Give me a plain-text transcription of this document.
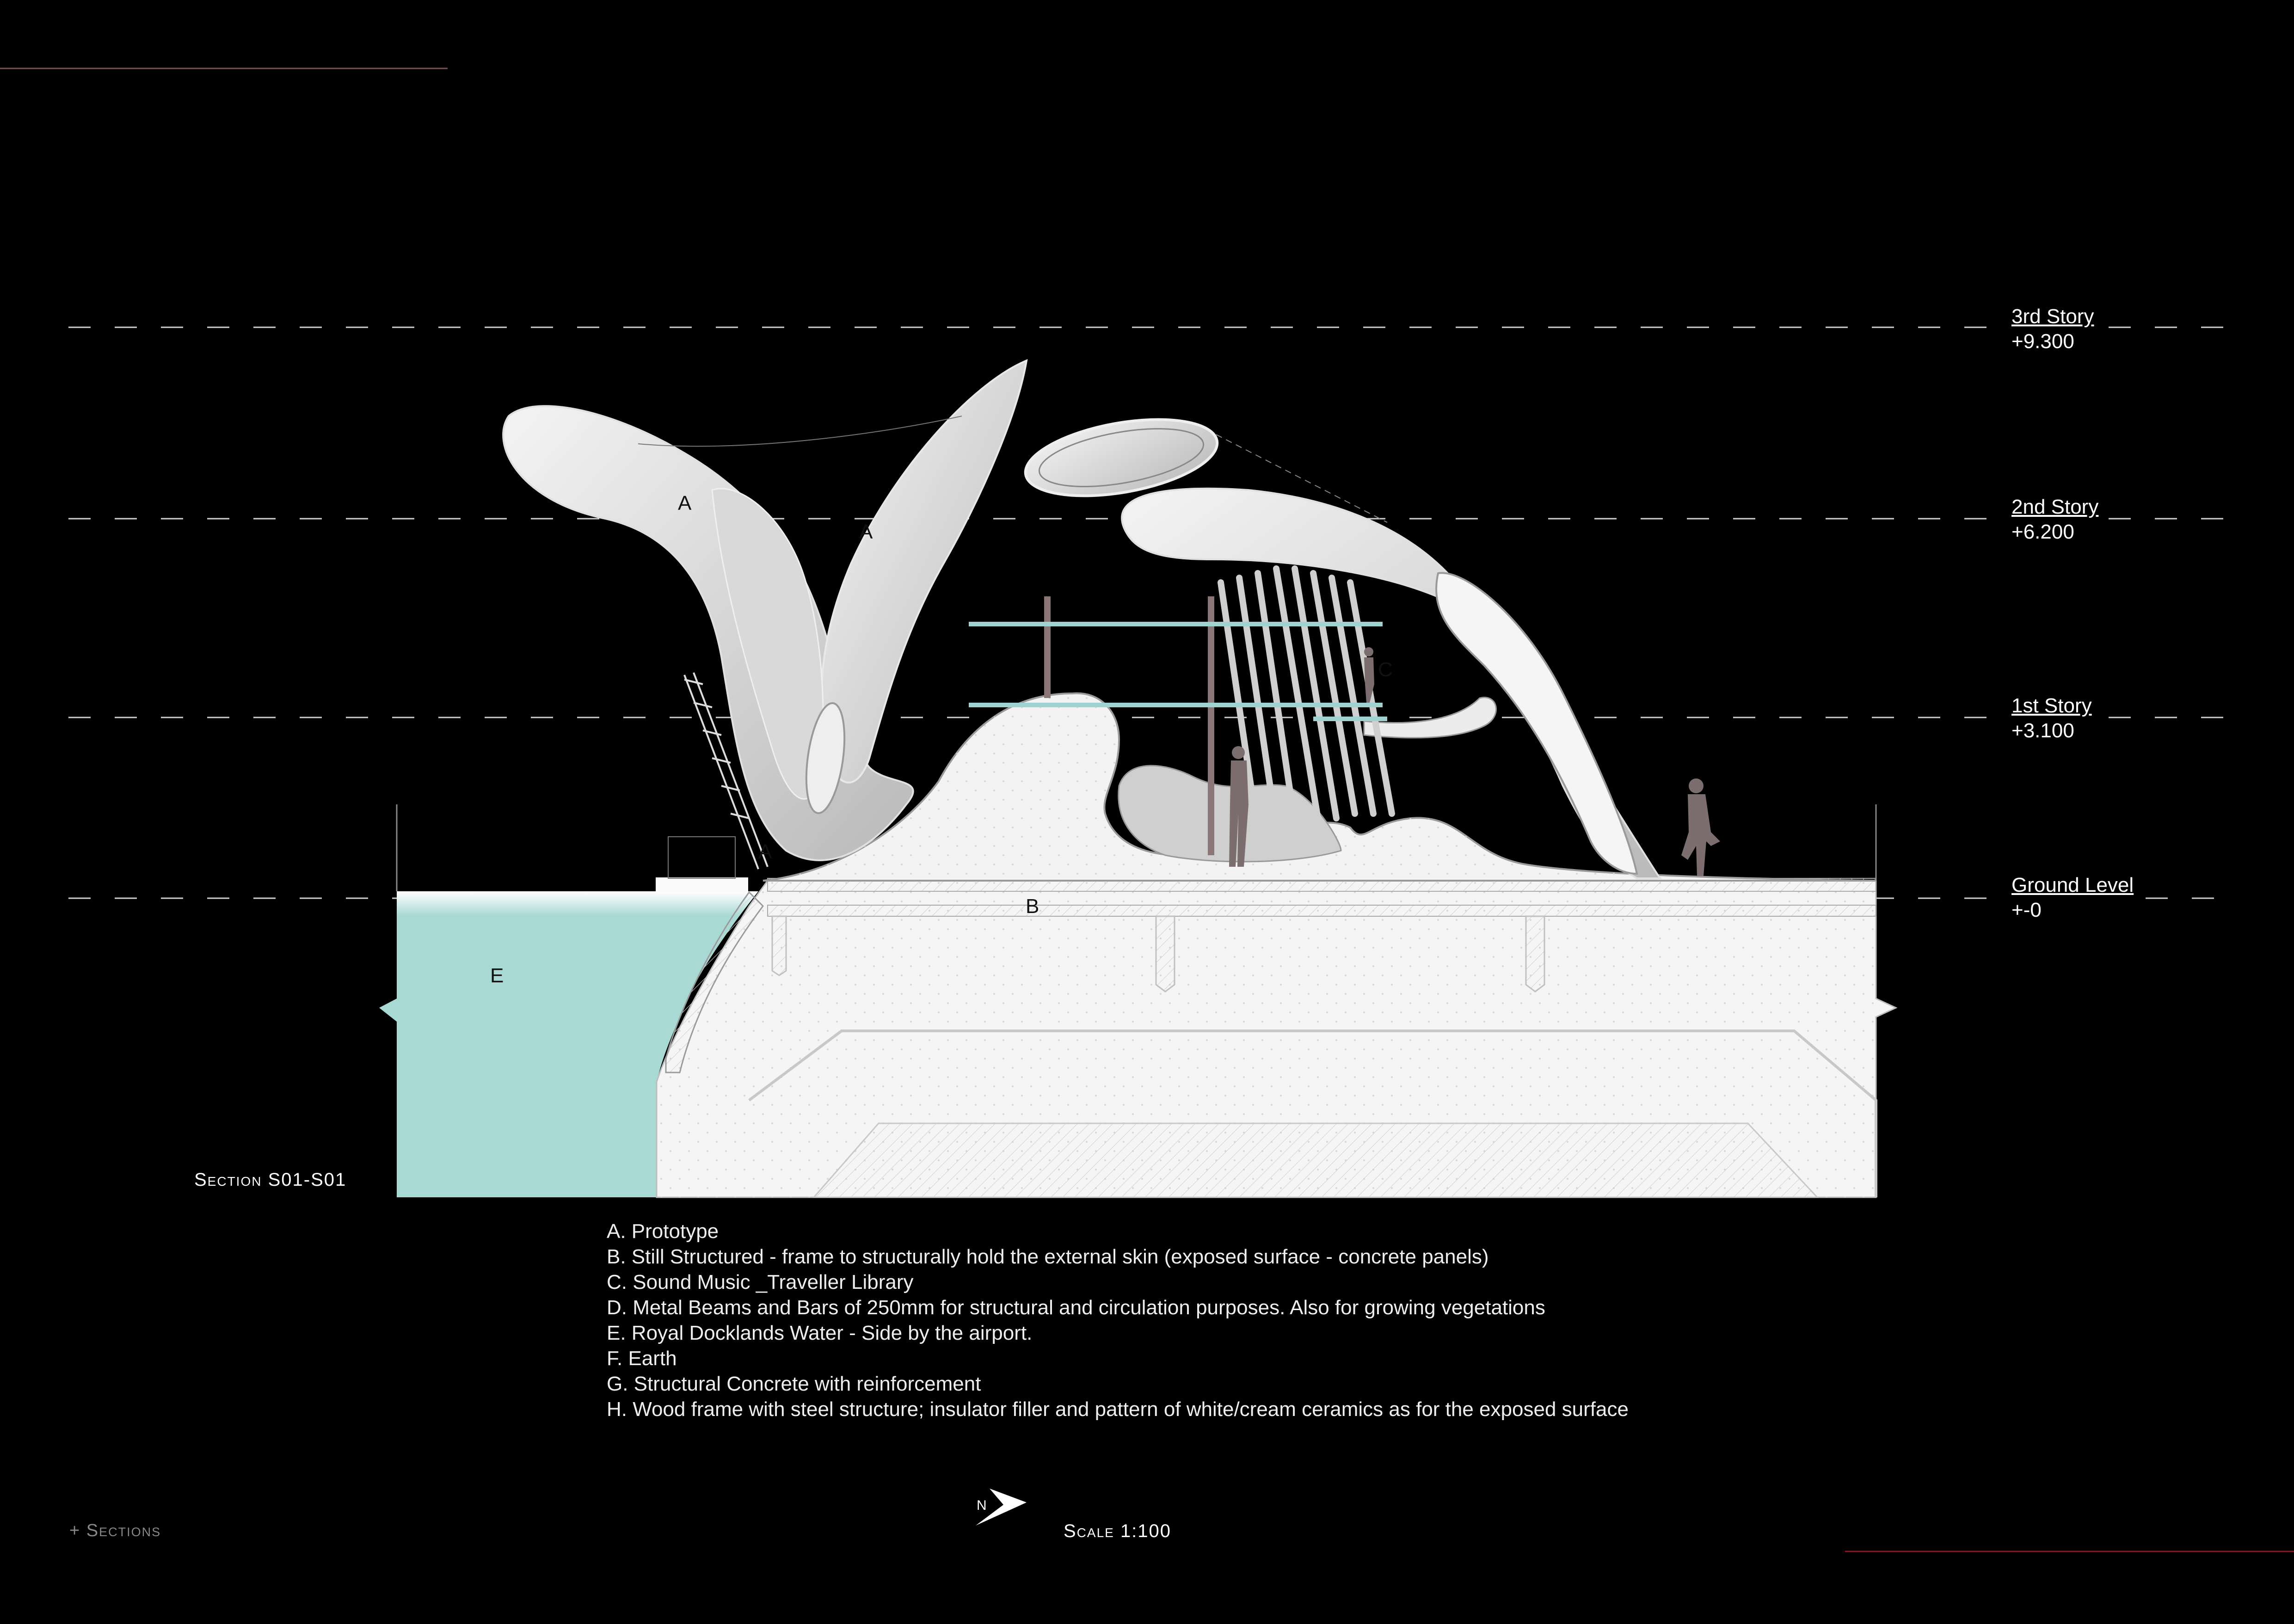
A
A
A
B
C
E
3rd Story
+9.300
2nd Story
+6.200
1st Story
+3.100
Ground Level
+-0
Section S01-S01
A. Prototype
B. Still Structured - frame to structurally hold the external skin (exposed surface - concrete panels)
C. Sound Music _Traveller Library
D. Metal Beams and Bars of 250mm for structural and circulation purposes. Also for growing vegetations
E. Royal Docklands Water - Side by the airport.
F. Earth
G. Structural Concrete with reinforcement
H. Wood frame with steel structure; insulator filler and pattern of white/cream ceramics as for the exposed surface
N
Scale 1:100
+ Sections
